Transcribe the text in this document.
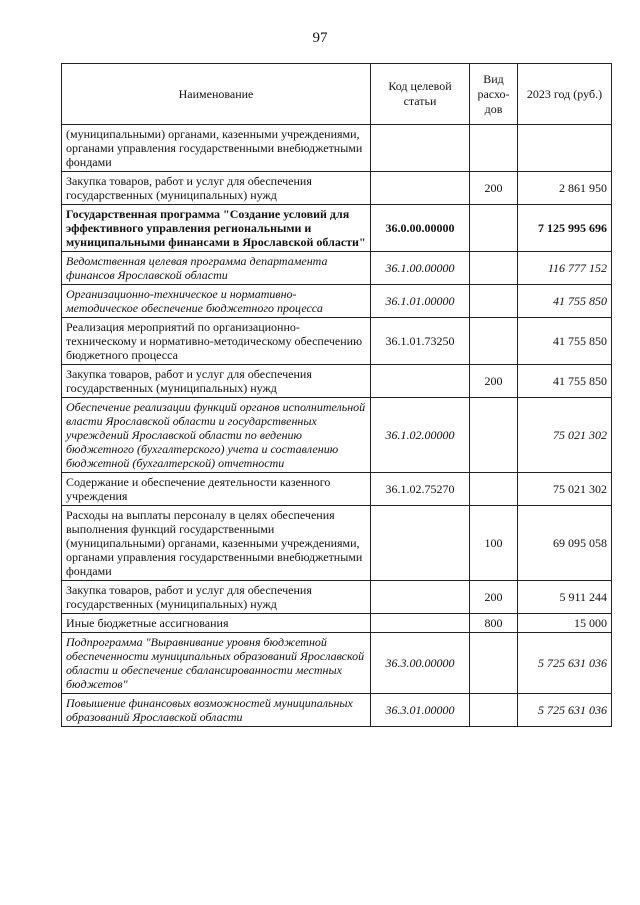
97
Наименование	Код целевой статьи	Вид расхо-дов	2023 год (руб.)
(муниципальными) органами, казенными учреждениями, органами управления государственными внебюджетными фондами			
Закупка товаров, работ и услуг для обеспечения государственных (муниципальных) нужд		200	2 861 950
Государственная программа "Создание условий для эффективного управления региональными и муниципальными финансами в Ярославской области"	36.0.00.00000		7 125 995 696
Ведомственная целевая программа департамента финансов Ярославской области	36.1.00.00000		116 777 152
Организационно-техническое и нормативно-методическое обеспечение бюджетного процесса	36.1.01.00000		41 755 850
Реализация мероприятий по организационно-техническому и нормативно-методическому обеспечению бюджетного процесса	36.1.01.73250		41 755 850
Закупка товаров, работ и услуг для обеспечения государственных (муниципальных) нужд		200	41 755 850
Обеспечение реализации функций органов исполнительной власти Ярославской области и государственных учреждений Ярославской области по ведению бюджетного (бухгалтерского) учета и составлению бюджетной (бухгалтерской) отчетности	36.1.02.00000		75 021 302
Содержание и обеспечение деятельности казенного учреждения	36.1.02.75270		75 021 302
Расходы на выплаты персоналу в целях обеспечения выполнения функций государственными (муниципальными) органами, казенными учреждениями, органами управления государственными внебюджетными фондами		100	69 095 058
Закупка товаров, работ и услуг для обеспечения государственных (муниципальных) нужд		200	5 911 244
Иные бюджетные ассигнования		800	15 000
Подпрограмма "Выравнивание уровня бюджетной обеспеченности муниципальных образований Ярославской области и обеспечение сбалансированности местных бюджетов"	36.3.00.00000		5 725 631 036
Повышение финансовых возможностей муниципальных образований Ярославской области	36.3.01.00000		5 725 631 036
